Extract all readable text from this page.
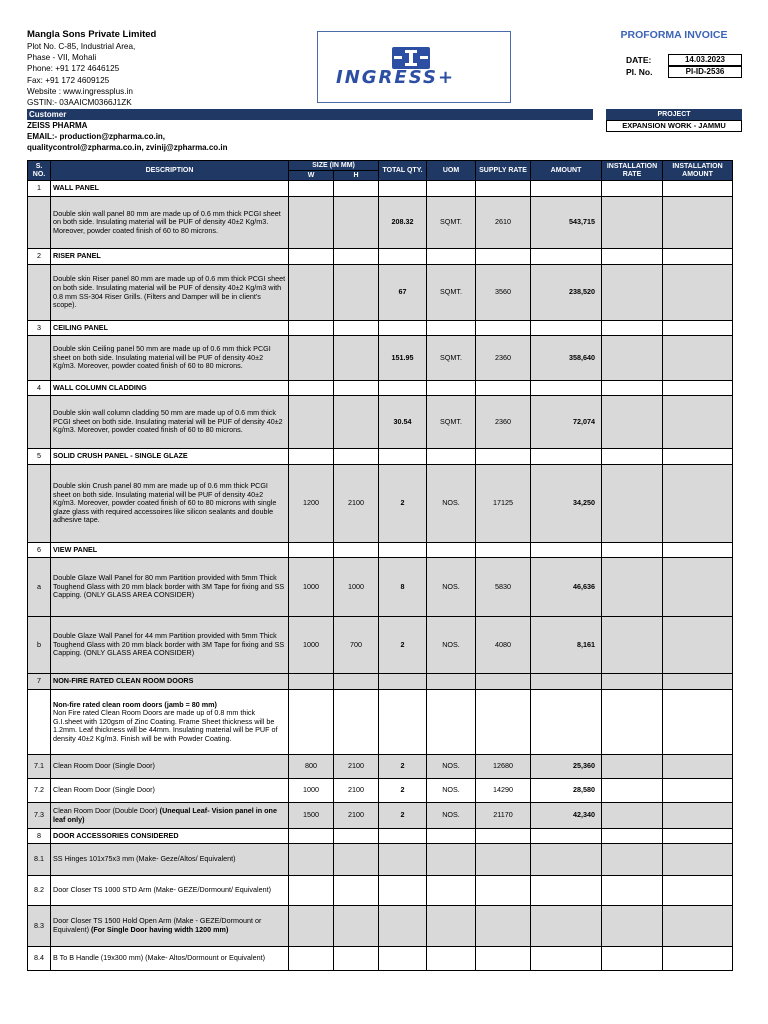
Mangla Sons Private Limited
Plot No. C-85, Industrial Area,
Phase - VII, Mohali
Phone: +91 172 4646125
Fax: +91 172 4609125
Website : www.ingressplus.in
GSTIN:- 03AAICM0366J1ZK
INGRESS+
PROFORMA INVOICE
DATE:	14.03.2023
PI. No.	PI-ID-2536
Customer	PROJECT
EXPANSION WORK - JAMMU
ZEISS PHARMA
EMAIL:- production@zpharma.co.in,
qualitycontrol@zpharma.co.in, zvinij@zpharma.co.in
S. NO.	DESCRIPTION	SIZE (IN MM)		TOTAL QTY.	UOM	SUPPLY RATE	AMOUNT	INSTALLATION RATE	INSTALLATION AMOUNT
		W	H						
1	WALL PANEL								
	Double skin wall panel 80 mm are made up of 0.6 mm thick PCGI sheet on both side. Insulating material will be PUF of density 40±2 Kg/m3. Moreover, powder coated finish of 60 to 80 microns.			208.32	SQMT.	2610	543,715		
2	RISER PANEL								
	Double skin Riser panel 80 mm are made up of 0.6 mm thick PCGI sheet on both side. Insulating material will be PUF of density 40±2 Kg/m3 with 0.8 mm SS-304 Riser Grills. (Filters and Damper will be in client's scope).			67	SQMT.	3560	238,520		
3	CEILING PANEL								
	Double skin Ceiling panel 50 mm are made up of 0.6 mm thick PCGI sheet on both side. Insulating material will be PUF of density 40±2 Kg/m3. Moreover, powder coated finish of 60 to 80 microns.			151.95	SQMT.	2360	358,640		
4	WALL COLUMN CLADDING								
	Double skin wall column cladding 50 mm are made up of 0.6 mm thick PCGI sheet on both side. Insulating material will be PUF of density 40±2 Kg/m3. Moreover, powder coated finish of 60 to 80 microns.			30.54	SQMT.	2360	72,074		
5	SOLID CRUSH PANEL - SINGLE GLAZE								
	Double skin Crush panel 80 mm are made up of 0.6 mm thick PCGI sheet on both side. Insulating material will be PUF of density 40±2 Kg/m3. Moreover, powder coated finish of 60 to 80 microns with single glaze glass with required accessoires like silicon sealants and double adhesive tape.	1200	2100	2	NOS.	17125	34,250		
6	VIEW PANEL								
a	Double Glaze Wall Panel for 80 mm Partition provided with 5mm Thick Toughend Glass with 20 mm black border with 3M Tape for fixing and SS Capping. (ONLY GLASS AREA CONSIDER)	1000	1000	8	NOS.	5830	46,636		
b	Double Glaze Wall Panel for 44 mm Partition provided with 5mm Thick Toughend Glass with 20 mm black border with 3M Tape for fixing and SS Capping. (ONLY GLASS AREA CONSIDER)	1000	700	2	NOS.	4080	8,161		
7	NON-FIRE RATED CLEAN ROOM DOORS								
	Non-fire rated clean room doors (jamb = 80 mm)
Non Fire rated Clean Room Doors are made up of 0.8 mm thick G.I.sheet with 120gsm of Zinc Coating. Frame Sheet thickness will be 1.2mm. Leaf thickness will be 44mm. Insulating material will be PUF of density 40±2 Kg/m3. Finish will be with Powder Coating.								
7.1	Clean Room Door (Single Door)	800	2100	2	NOS.	12680	25,360		
7.2	Clean Room Door (Single Door)	1000	2100	2	NOS.	14290	28,580		
7.3	Clean Room Door (Double Door) (Unequal Leaf- Vision panel in one leaf only)	1500	2100	2	NOS.	21170	42,340		
8	DOOR ACCESSORIES CONSIDERED								
8.1	SS Hinges 101x75x3 mm (Make- Geze/Altos/ Equivalent)								
8.2	Door Closer TS 1000 STD Arm (Make- GEZE/Dormount/ Equivalent)								
8.3	Door Closer TS 1500 Hold Open Arm (Make - GEZE/Dormount or Equivalent) (For Single Door having width 1200 mm)								
8.4	B To B Handle (19x300 mm) (Make- Altos/Dormount or Equivalent)								
